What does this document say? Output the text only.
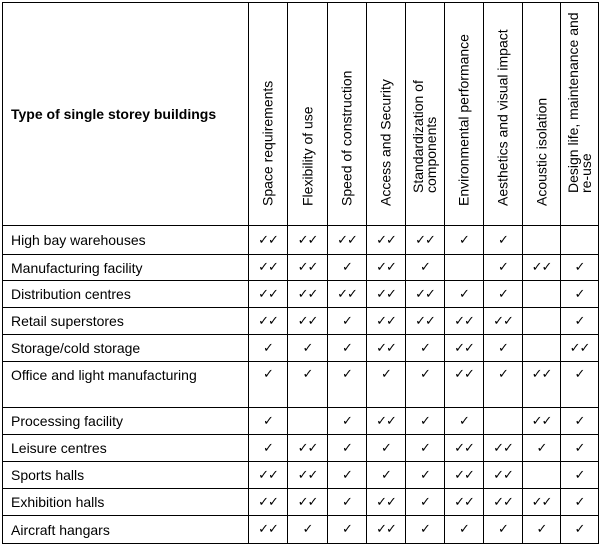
Type of single storey buildings	Space requirements	Flexibility of use	Speed of construction	Access and Security	Standardization of components	Environmental performance	Aesthetics and visual impact	Acoustic isolation	Design life, maintenance and re-use

High bay warehouses	✓✓	✓✓	✓✓	✓✓	✓✓	✓	✓		
Manufacturing facility	✓✓	✓✓	✓	✓✓	✓		✓	✓✓	✓
Distribution centres	✓✓	✓✓	✓✓	✓✓	✓✓	✓	✓		✓
Retail superstores	✓✓	✓✓	✓	✓✓	✓✓	✓✓	✓✓		✓
Storage/cold storage	✓	✓	✓	✓✓	✓	✓✓	✓		✓✓
Office and light manufacturing	✓	✓	✓	✓	✓	✓✓	✓	✓✓	✓
Processing facility	✓		✓	✓✓	✓	✓		✓✓	✓
Leisure centres	✓	✓✓	✓	✓	✓	✓✓	✓✓	✓	✓
Sports halls	✓✓	✓✓	✓	✓	✓	✓✓	✓✓		✓
Exhibition halls	✓✓	✓✓	✓	✓✓	✓	✓✓	✓✓	✓✓	✓
Aircraft hangars	✓✓	✓	✓	✓✓	✓	✓	✓	✓	✓
